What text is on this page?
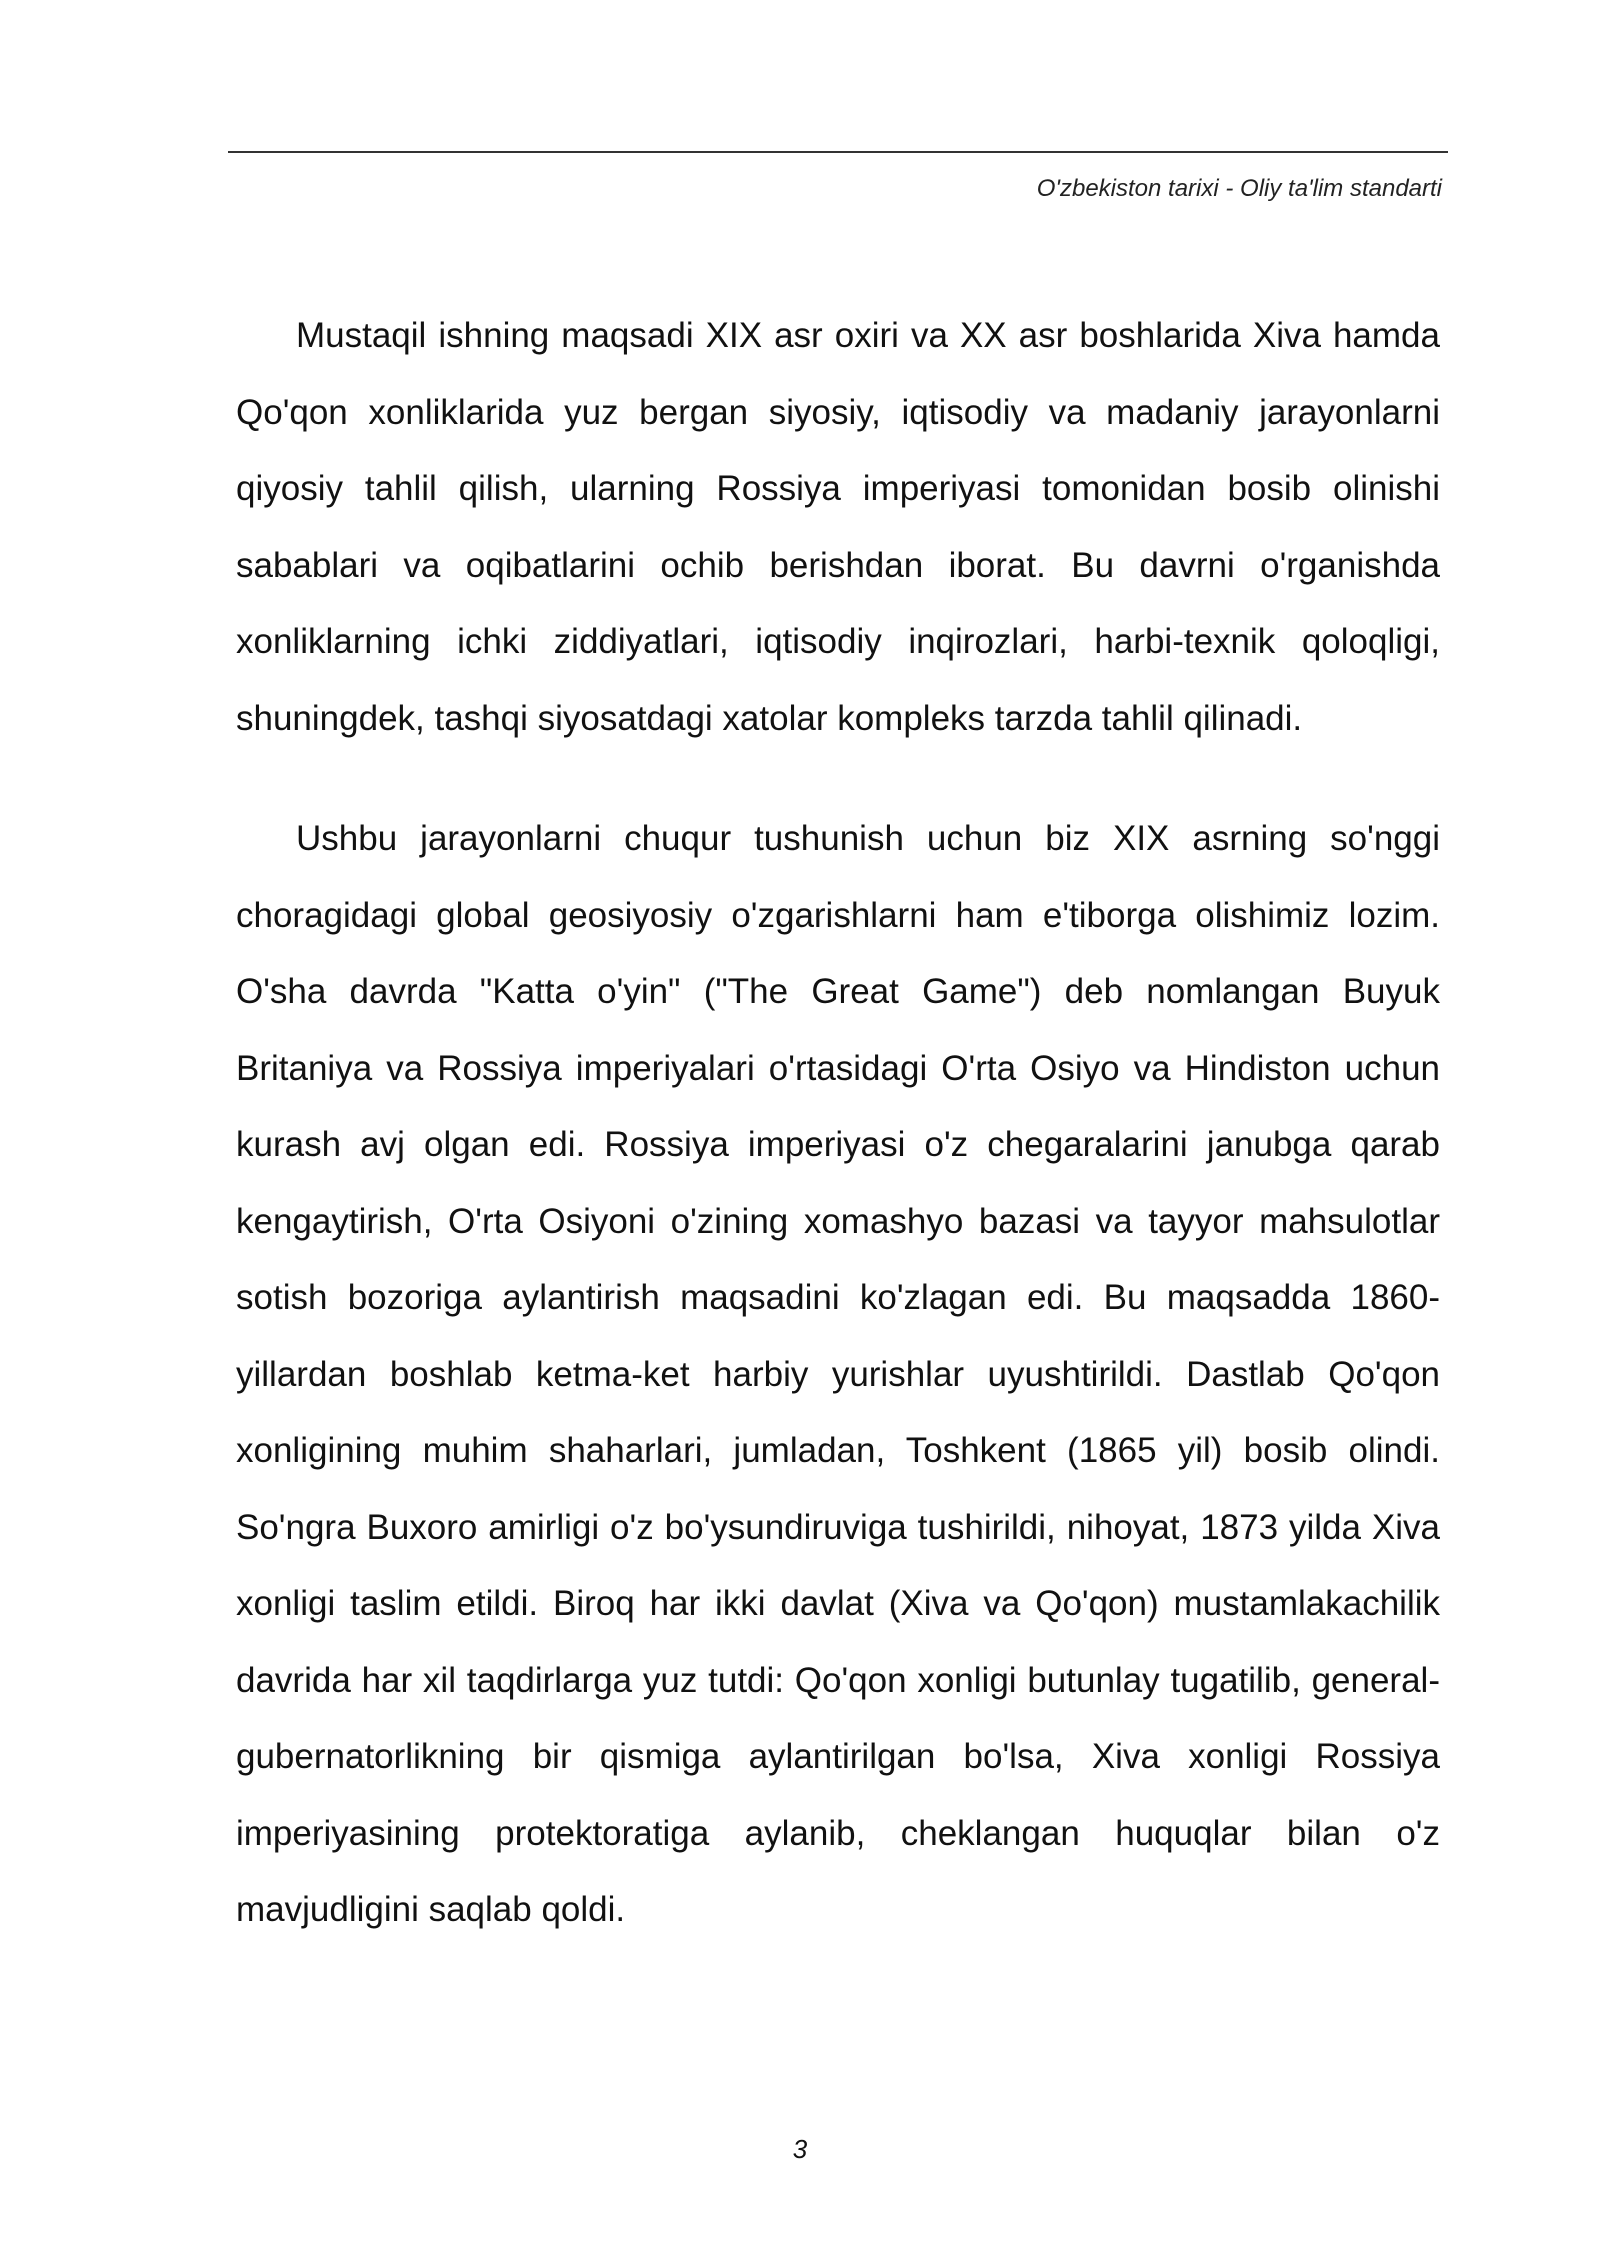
O'zbekiston tarixi - Oliy ta'lim standarti

Mustaqil ishning maqsadi XIX asr oxiri va XX asr boshlarida Xiva hamda Qo'qon xonliklarida yuz bergan siyosiy, iqtisodiy va madaniy jarayonlarni qiyosiy tahlil qilish, ularning Rossiya imperiyasi tomonidan bosib olinishi sabablari va oqibatlarini ochib berishdan iborat. Bu davrni o'rganishda xonliklarning ichki ziddiyatlari, iqtisodiy inqirozlari, harbi-texnik qoloqligi, shuningdek, tashqi siyosatdagi xatolar kompleks tarzda tahlil qilinadi.

Ushbu jarayonlarni chuqur tushunish uchun biz XIX asrning so'nggi choragidagi global geosiyosiy o'zgarishlarni ham e'tiborga olishimiz lozim. O'sha davrda "Katta o'yin" ("The Great Game") deb nomlangan Buyuk Britaniya va Rossiya imperiyalari o'rtasidagi O'rta Osiyo va Hindiston uchun kurash avj olgan edi. Rossiya imperiyasi o'z chegaralarini janubga qarab kengaytirish, O'rta Osiyoni o'zining xomashyo bazasi va tayyor mahsulotlar sotish bozoriga aylantirish maqsadini ko'zlagan edi. Bu maqsadda 1860-yillardan boshlab ketma-ket harbiy yurishlar uyushtirildi. Dastlab Qo'qon xonligining muhim shaharlari, jumladan, Toshkent (1865 yil) bosib olindi. So'ngra Buxoro amirligi o'z bo'ysundiruviga tushirildi, nihoyat, 1873 yilda Xiva xonligi taslim etildi. Biroq har ikki davlat (Xiva va Qo'qon) mustamlakachilik davrida har xil taqdirlarga yuz tutdi: Qo'qon xonligi butunlay tugatilib, general-gubernatorlikning bir qismiga aylantirilgan bo'lsa, Xiva xonligi Rossiya imperiyasining protektoratiga aylanib, cheklangan huquqlar bilan o'z mavjudligini saqlab qoldi.

3
